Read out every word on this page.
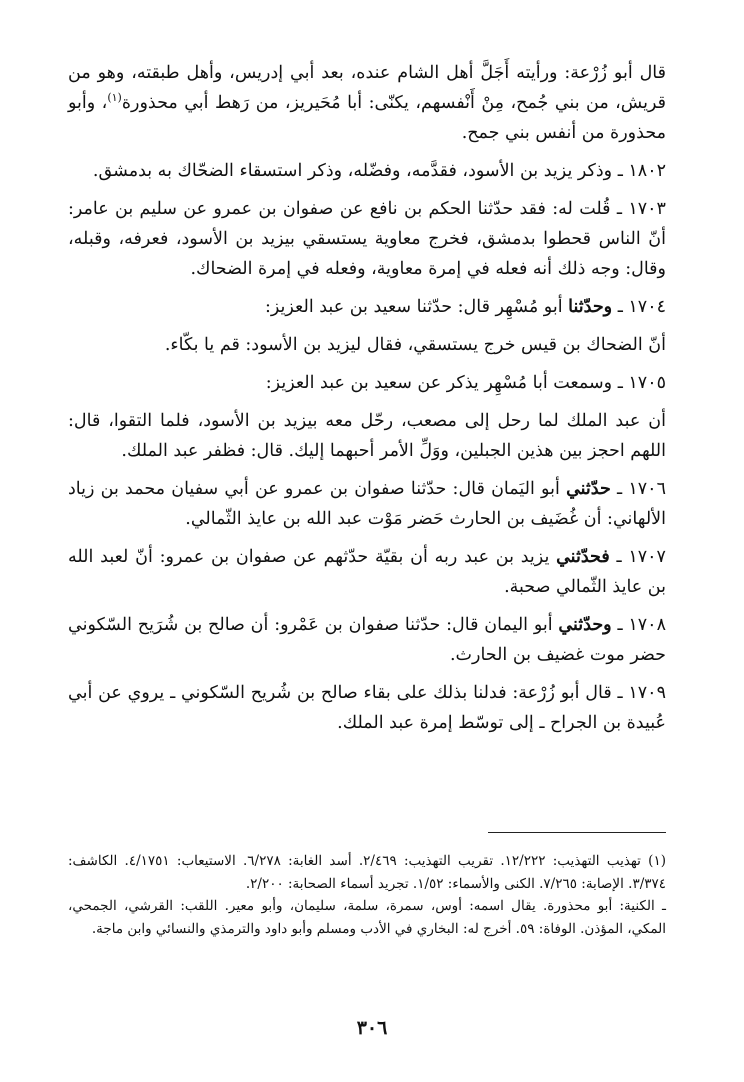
قال أبو زُرْعة: ورأيته أَجَلَّ أهل الشام عنده، بعد أبي إدريس، وأهل طبقته، وهو من قريش، من بني جُمح، مِنْ أَنْفسهم، يكنّى: أبا مُحَيريز، من رَهط أبي محذورة$^{(١)}$، وأبو محذورة من أنفس بني جمح.

١٨٠٢ ـ وذكر يزيد بن الأسود، فقدَّمه، وفضّله، وذكر استسقاء الضحّاك به بدمشق.

١٧٠٣ ـ قُلت له: فقد حدّثنا الحكم بن نافع عن صفوان بن عمرو عن سليم بن عامر: أنّ الناس قحطوا بدمشق، فخرج معاوية يستسقي بيزيد بن الأسود، فعرفه، وقبله، وقال: وجه ذلك أنه فعله في إمرة معاوية، وفعله في إمرة الضحاك.

١٧٠٤ ـ وحدّثنا أبو مُسْهِر قال: حدّثنا سعيد بن عبد العزيز:

أنّ الضحاك بن قيس خرج يستسقي، فقال ليزيد بن الأسود: قم يا بكّاء.

١٧٠٥ ـ وسمعت أبا مُسْهِر يذكر عن سعيد بن عبد العزيز:

أن عبد الملك لما رحل إلى مصعب، رحّل معه بيزيد بن الأسود، فلما التقوا، قال: اللهم احجز بين هذين الجبلين، ووَلِّ الأمر أحبهما إليك. قال: فظفر عبد الملك.

١٧٠٦ ـ حدّثني أبو اليَمان قال: حدّثنا صفوان بن عمرو عن أبي سفيان محمد بن زياد الألهاني: أن غُضَيف بن الحارث حَضر مَوْت عبد الله بن عايذ الثّمالي.

١٧٠٧ ـ فحدّثني يزيد بن عبد ربه أن بقيّة حدّثهم عن صفوان بن عمرو: أنّ لعبد الله بن عايذ الثّمالي صحبة.

١٧٠٨ ـ وحدّثني أبو اليمان قال: حدّثنا صفوان بن عَمْرو: أن صالح بن شُرَيح السّكوني حضر موت غضيف بن الحارث.

١٧٠٩ ـ قال أبو زُرْعة: فدلنا بذلك على بقاء صالح بن شُريح السّكوني ـ يروي عن أبي عُبيدة بن الجراح ـ إلى توسّط إمرة عبد الملك.

(١) تهذيب التهذيب: ١٢/٢٢٢. تقريب التهذيب: ٢/٤٦٩. أسد الغابة: ٦/٢٧٨. الاستيعاب: ٤/١٧٥١. الكاشف: ٣/٣٧٤. الإصابة: ٧/٢٦٥. الكنى والأسماء: ١/٥٢. تجريد أسماء الصحابة: ٢/٢٠٠.

ـ الكنية: أبو محذورة. يقال اسمه: أوس، سمرة، سلمة، سليمان، وأبو معير. اللقب: القرشي، الجمحي، المكي، المؤذن. الوفاة: ٥٩. أخرج له: البخاري في الأدب ومسلم وأبو داود والترمذي والنسائي وابن ماجة.

٣٠٦
